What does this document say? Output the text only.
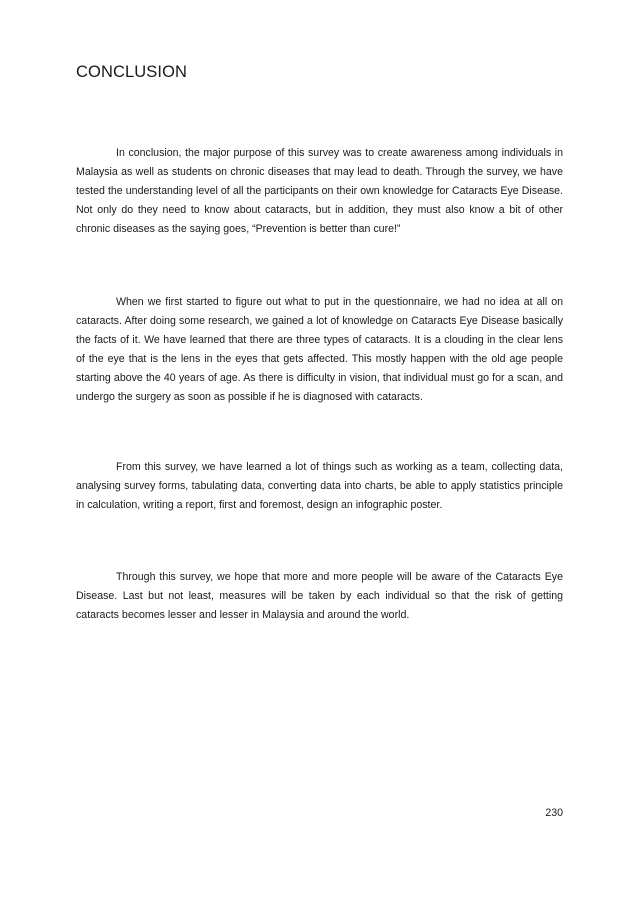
CONCLUSION

In conclusion, the major purpose of this survey was to create awareness among individuals in Malaysia as well as students on chronic diseases that may lead to death. Through the survey, we have tested the understanding level of all the participants on their own knowledge for Cataracts Eye Disease. Not only do they need to know about cataracts, but in addition, they must also know a bit of other chronic diseases as the saying goes, “Prevention is better than cure!”

When we first started to figure out what to put in the questionnaire, we had no idea at all on cataracts. After doing some research, we gained a lot of knowledge on Cataracts Eye Disease basically the facts of it. We have learned that there are three types of cataracts. It is a clouding in the clear lens of the eye that is the lens in the eyes that gets affected. This mostly happen with the old age people starting above the 40 years of age. As there is difficulty in vision, that individual must go for a scan, and undergo the surgery as soon as possible if he is diagnosed with cataracts.

From this survey, we have learned a lot of things such as working as a team, collecting data, analysing survey forms, tabulating data, converting data into charts, be able to apply statistics principle in calculation, writing a report, first and foremost, design an infographic poster.

Through this survey, we hope that more and more people will be aware of the Cataracts Eye Disease. Last but not least, measures will be taken by each individual so that the risk of getting cataracts becomes lesser and lesser in Malaysia and around the world.

230
